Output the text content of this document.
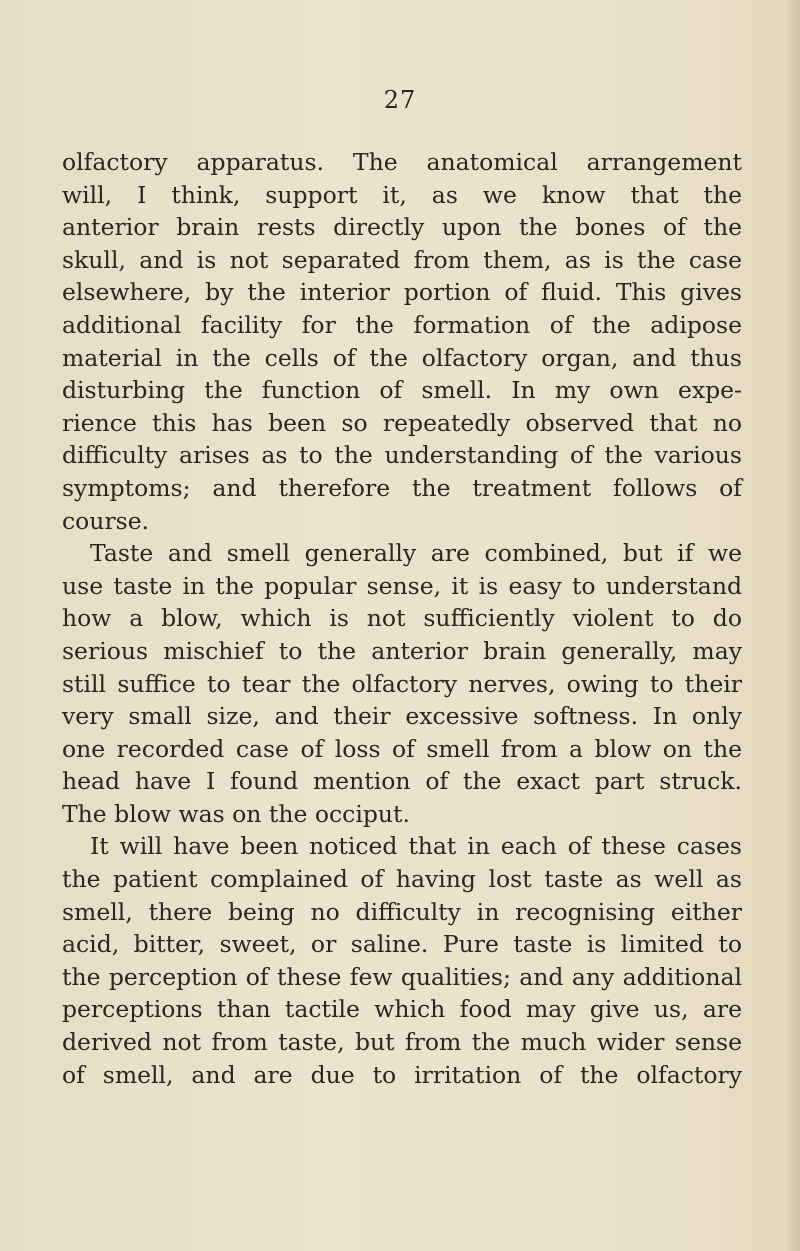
27
olfactory apparatus. The anatomical arrangement
will, I think, support it, as we know that the
anterior brain rests directly upon the bones of the
skull, and is not separated from them, as is the case
elsewhere, by the interior portion of fluid. This gives
additional facility for the formation of the adipose
material in the cells of the olfactory organ, and thus
disturbing the function of smell. In my own expe-
rience this has been so repeatedly observed that no
difficulty arises as to the understanding of the various
symptoms; and therefore the treatment follows of
course.
Taste and smell generally are combined, but if we
use taste in the popular sense, it is easy to understand
how a blow, which is not sufficiently violent to do
serious mischief to the anterior brain generally, may
still suffice to tear the olfactory nerves, owing to their
very small size, and their excessive softness. In only
one recorded case of loss of smell from a blow on the
head have I found mention of the exact part struck.
The blow was on the occiput.
It will have been noticed that in each of these cases
the patient complained of having lost taste as well as
smell, there being no difficulty in recognising either
acid, bitter, sweet, or saline. Pure taste is limited to
the perception of these few qualities; and any additional
perceptions than tactile which food may give us, are
derived not from taste, but from the much wider sense
of smell, and are due to irritation of the olfactory
